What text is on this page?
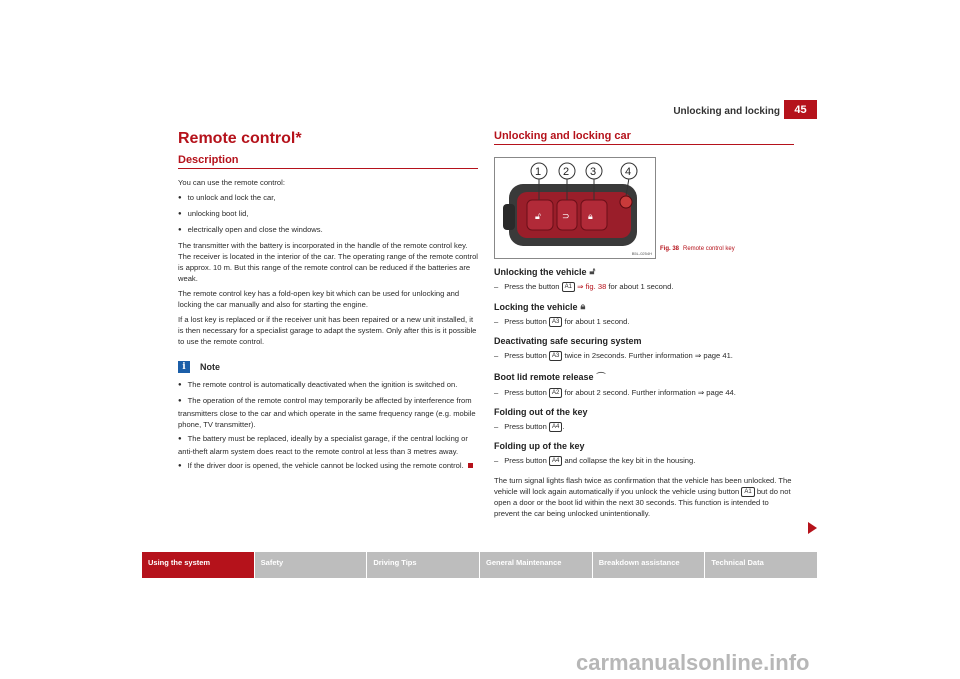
Unlocking and locking	45
Remote control*
Description

You can use the remote control:

● to unlock and lock the car,
● unlocking boot lid,
● electrically open and close the windows.

The transmitter with the battery is incorporated in the handle of the remote control key. The receiver is located in the interior of the car. The operating range of the remote control is approx. 10 m. But this range of the remote control can be reduced if the batteries are weak.

The remote control key has a fold-open key bit which can be used for unlocking and locking the car manually and also for starting the engine.

If a lost key is replaced or if the receiver unit has been repaired or a new unit installed, it is then necessary for a specialist garage to adapt the system. Only after this is it possible to use the remote control.

i	Note
● The remote control is automatically deactivated when the ignition is switched on.
● The operation of the remote control may temporarily be affected by interference from transmitters close to the car and which operate in the same frequency range (e.g. mobile phone, TV transmitter).
● The battery must be replaced, ideally by a specialist garage, if the central locking or anti-theft alarm system does react to the remote control at less than 3 metres away.
● If the driver door is opened, the vehicle cannot be locked using the remote control.
Unlocking and locking car
🔓︎ ⊃ 🔒︎
1 2 3	4
B5L-0254H
Fig. 38 Remote control key
Unlocking the vehicle 🔓︎
– Press the button A1 ⇒ fig. 38 for about 1 second.
Locking the vehicle 🔒︎
– Press button A3 for about 1 second.
Deactivating safe securing system
– Press button A3 twice in 2seconds. Further information ⇒ page 41.
Boot lid remote release ⌒
– Press button A2 for about 2 second. Further information ⇒ page 44.
Folding out of the key
– Press button A4 .
Folding up of the key
– Press button A4 and collapse the key bit in the housing.

The turn signal lights flash twice as confirmation that the vehicle has been unlocked. The vehicle will lock again automatically if you unlock the vehicle using button A1 but do not open a door or the boot lid within the next 30 seconds. This function is intended to prevent the car being unlocked unintentionally.

Using the system	Safety	Driving Tips	General Maintenance	Breakdown assistance	Technical Data
carmanualsonline.info
